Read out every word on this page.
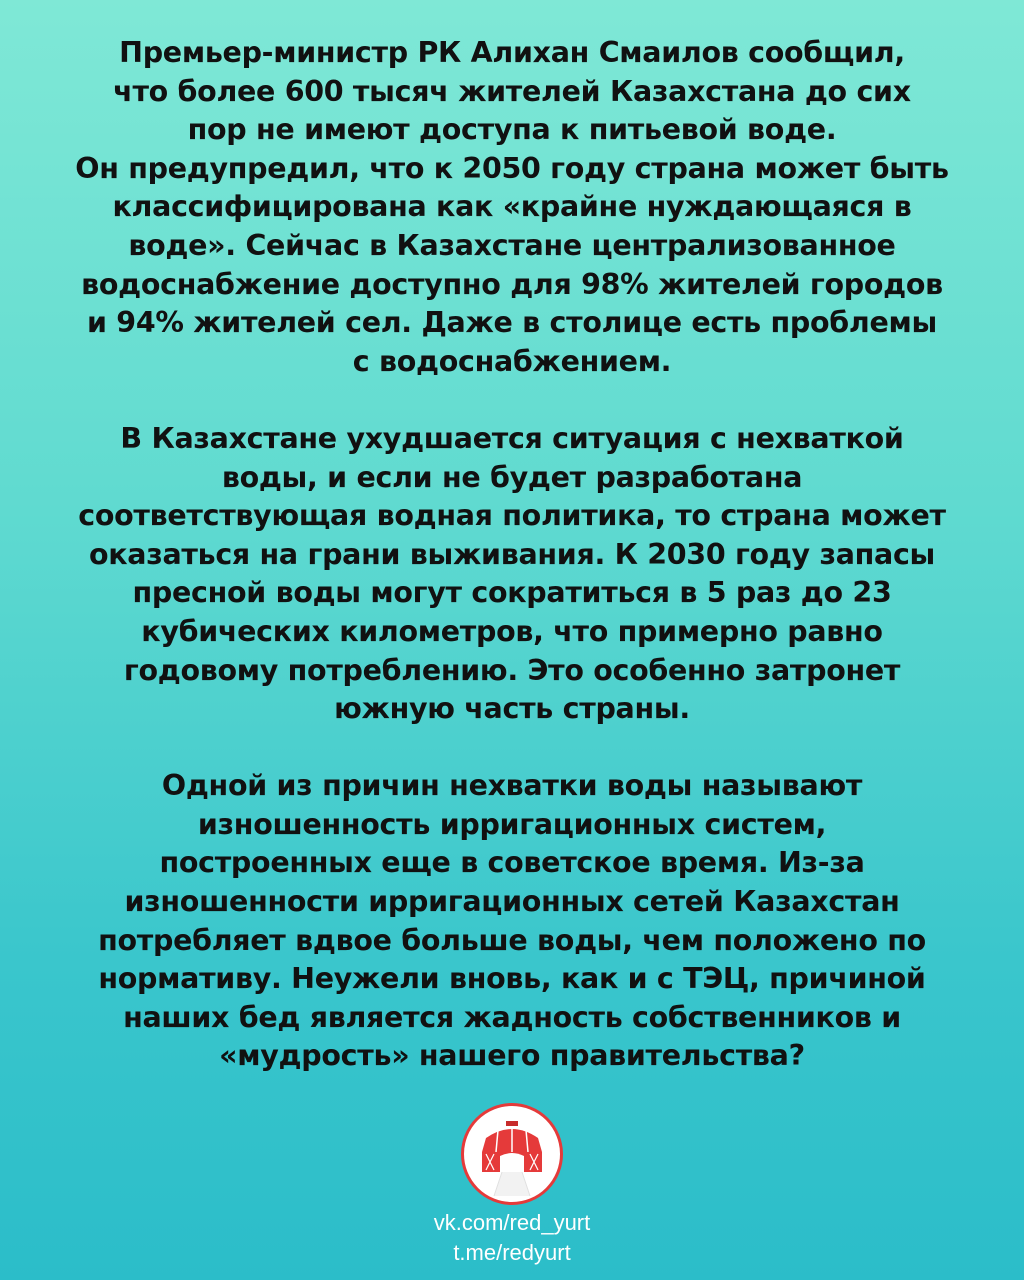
Премьер-министр РК Алихан Смаилов сообщил,
что более 600 тысяч жителей Казахстана до сих
пор не имеют доступа к питьевой воде.
Он предупредил, что к 2050 году страна может быть
классифицирована как «крайне нуждающаяся в
воде». Сейчас в Казахстане централизованное
водоснабжение доступно для 98% жителей городов
и 94% жителей сел. Даже в столице есть проблемы
с водоснабжением.
В Казахстане ухудшается ситуация с нехваткой
воды, и если не будет разработана
соответствующая водная политика, то страна может
оказаться на грани выживания. К 2030 году запасы
пресной воды могут сократиться в 5 раз до 23
кубических километров, что примерно равно
годовому потреблению. Это особенно затронет
южную часть страны.
Одной из причин нехватки воды называют
изношенность ирригационных систем,
построенных еще в советское время. Из-за
изношенности ирригационных сетей Казахстан
потребляет вдвое больше воды, чем положено по
нормативу. Неужели вновь, как и с ТЭЦ, причиной
наших бед является жадность собственников и
«мудрость» нашего правительства?
vk.com/red_yurt
t.me/redyurt
